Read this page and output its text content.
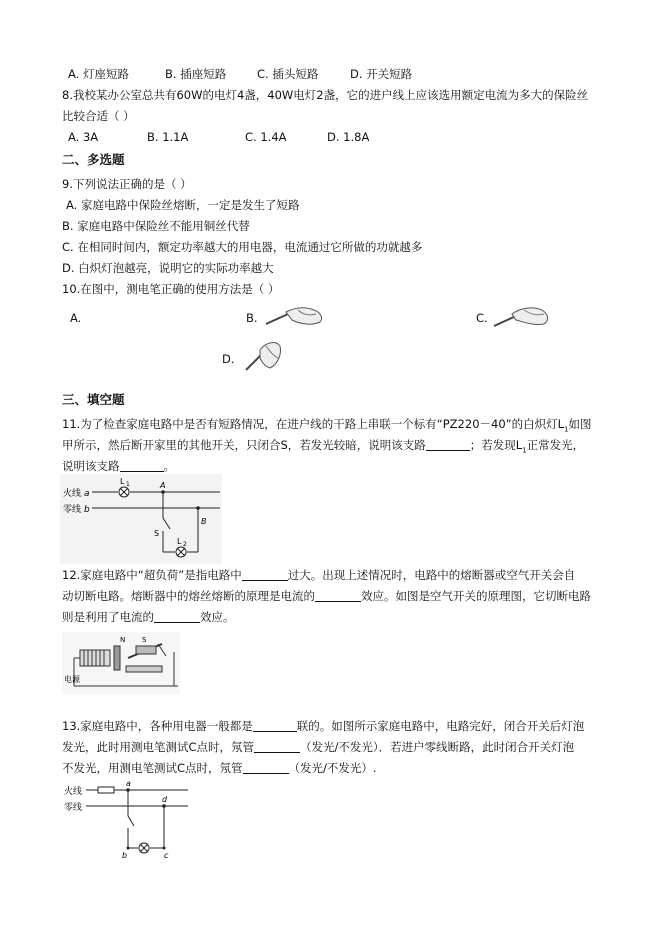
A. 灯座短路	B. 插座短路	C. 插头短路	D. 开关短路
8.我校某办公室总共有60W的电灯4盏，40W电灯2盏，它的进户线上应该选用额定电流为多大的保险丝
比较合适（ ）
A. 3A	B. 1.1A	C. 1.4A	D. 1.8A
二、多选题
9.下列说法正确的是（ ）
A. 家庭电路中保险丝熔断，一定是发生了短路
B. 家庭电路中保险丝不能用铜丝代替
C. 在相同时间内，额定功率越大的用电器，电流通过它所做的功就越多
D. 白炽灯泡越亮，说明它的实际功率越大
10.在图中，测电笔正确的使用方法是（ ）
A.	B.	C.
D.
三、填空题
11.为了检查家庭电路中是否有短路情况，在进户线的干路上串联一个标有“PZ220－40”的白炽灯$L_1$如图
甲所示，然后断开家里的其他开关，只闭合S，若发光较暗，说明该支路	；若发现$L_1$正常发光，
说明该支路	。
火线 a
零线 b
L 1	A
S
L 2
B
12.家庭电路中“超负荷”是指电路中	过大。出现上述情况时，电路中的熔断器或空气开关会自
动切断电路。熔断器中的熔丝熔断的原理是电流的	效应。如图是空气开关的原理图，它切断电路
则是利用了电流的	效应。
N S
电源
13.家庭电路中，各种用电器一般都是	联的。如图所示家庭电路中，电路完好，闭合开关后灯泡
发光，此时用测电笔测试C点时，氖管	（发光/不发光）．若进户零线断路，此时闭合开关灯泡
不发光，用测电笔测试C点时，氖管	（发光/不发光）.
火线
零线
a
b	c
d
